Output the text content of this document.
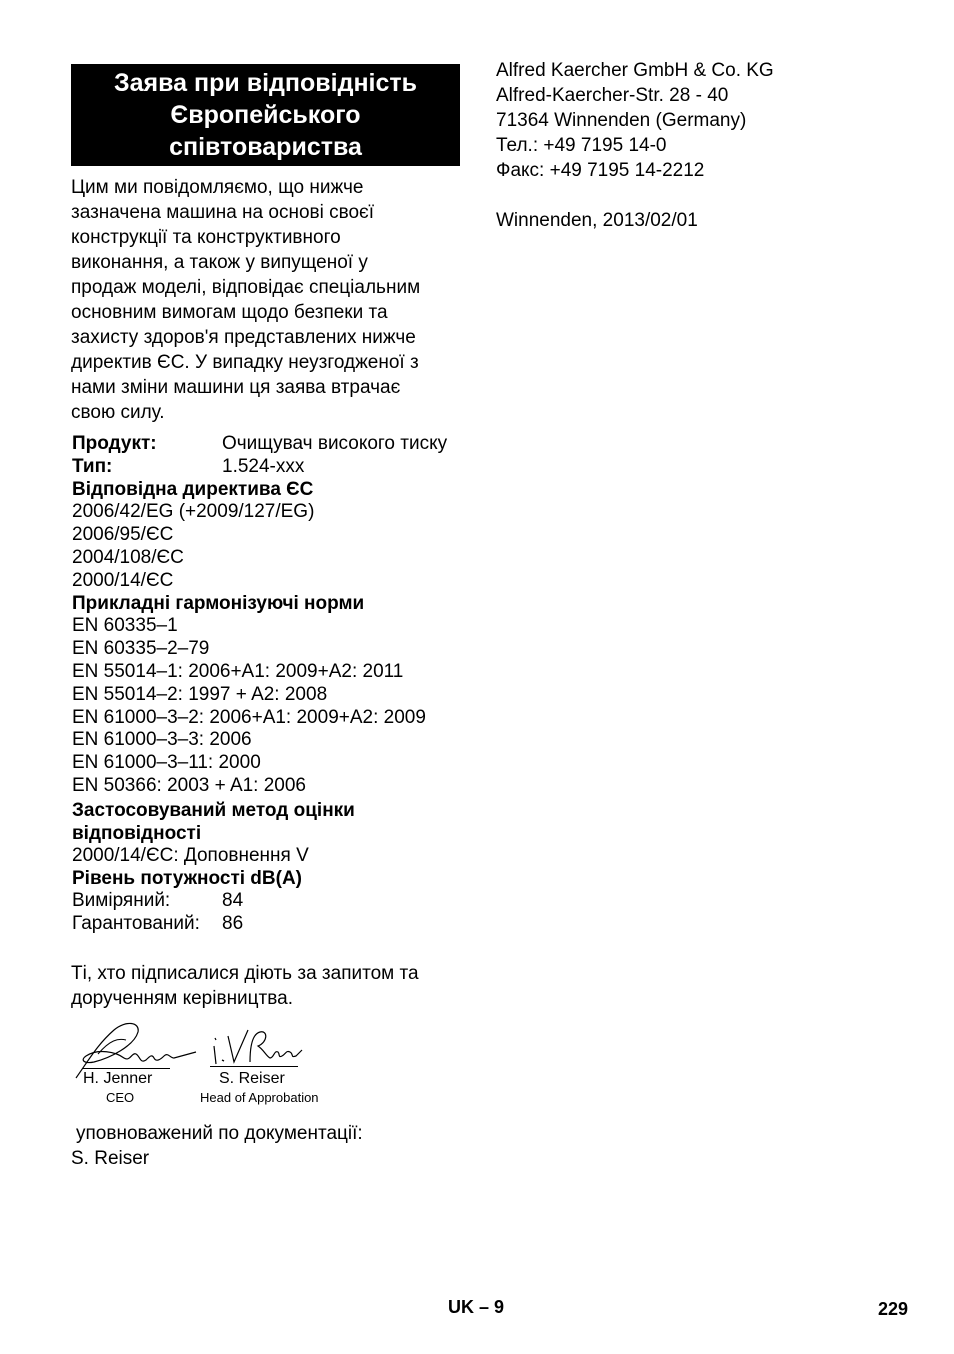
Заява при відповідність
Європейського
співтовариства
Цим ми повідомляємо, що нижче
зазначена машина на основі своєї
конструкції та конструктивного
виконання, а також у випущеної у
продаж моделі, відповідає спеціальним
основним вимогам щодо безпеки та
захисту здоров'я представлених нижче
директив ЄС. У випадку неузгодженої з
нами зміни машини ця заява втрачає
свою силу.
Продукт:	Очищувач високого тиску
Тип:	1.524-xxx
Відповідна директива ЄС
2006/42/EG (+2009/127/EG)
2006/95/ЄС
2004/108/ЄС
2000/14/ЄС
Прикладні гармонізуючі норми
EN 60335–1
EN 60335–2–79
EN 55014–1: 2006+A1: 2009+A2: 2011
EN 55014–2: 1997 + A2: 2008
EN 61000–3–2: 2006+A1: 2009+A2: 2009
EN 61000–3–3: 2006
EN 61000–3–11: 2000
EN 50366: 2003 + A1: 2006
Застосовуваний метод оцінки
відповідності
2000/14/ЄС: Доповнення V
Рівень потужності dB(A)
Виміряний:	84
Гарантований:	86
Ті, хто підписалися діють за запитом та
дорученням керівництва.
H. Jenner	S. Reiser
CEO	Head of Approbation
уповноважений по документації:
S. Reiser
Alfred Kaercher GmbH & Co. KG
Alfred-Kaercher-Str. 28 - 40
71364 Winnenden (Germany)
Тел.: +49 7195 14-0
Факс: +49 7195 14-2212
Winnenden, 2013/02/01
UK – 9	229
